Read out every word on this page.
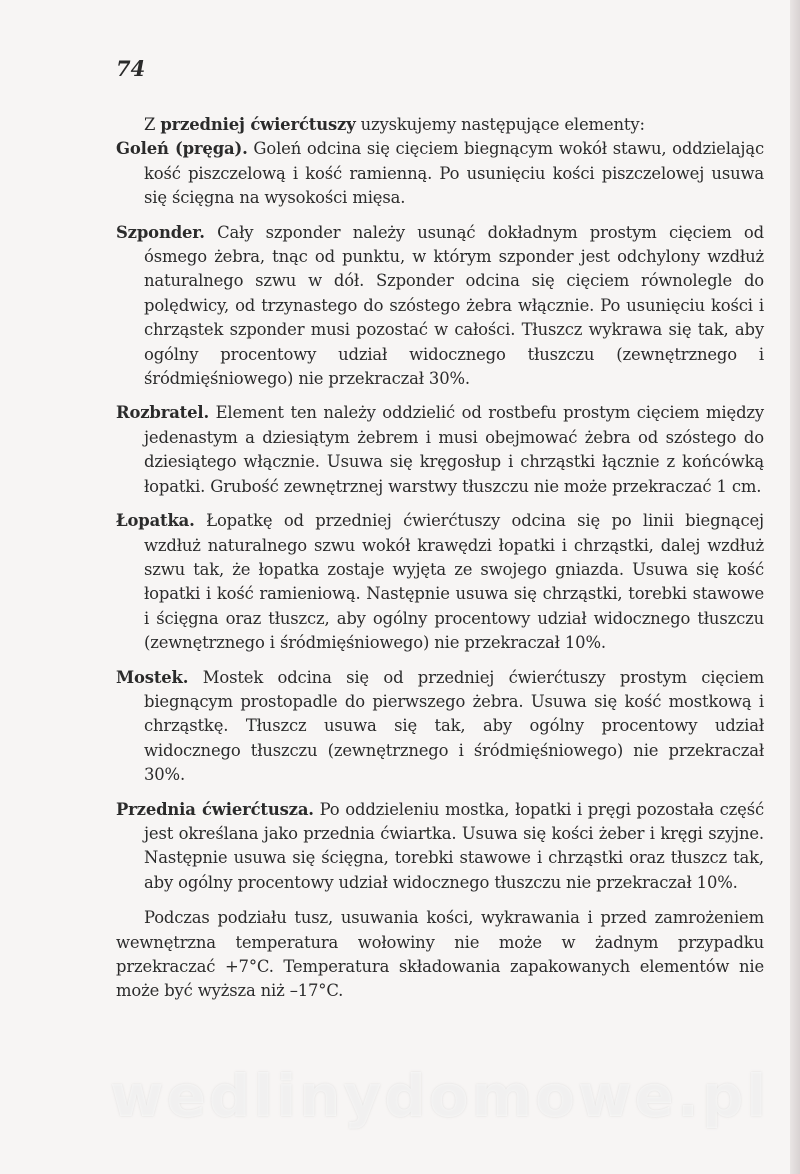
74

Z przedniej ćwierćtuszy uzyskujemy następujące elementy:

Goleń (pręga). Goleń odcina się cięciem biegnącym wokół stawu, oddzielając kość piszczelową i kość ramienną. Po usunięciu kości piszczelowej usuwa się ścięgna na wysokości mięsa.

Szponder. Cały szponder należy usunąć dokładnym prostym cięciem od ósmego żebra, tnąc od punktu, w którym szponder jest odchylony wzdłuż naturalnego szwu w dół. Szponder odcina się cięciem równolegle do polędwicy, od trzynastego do szóstego żebra włącznie. Po usunięciu kości i chrząstek szponder musi pozostać w całości. Tłuszcz wykrawa się tak, aby ogólny procentowy udział widocznego tłuszczu (zewnętrznego i śródmięśniowego) nie przekraczał 30%.

Rozbratel. Element ten należy oddzielić od rostbefu prostym cięciem między jedenastym a dziesiątym żebrem i musi obejmować żebra od szóstego do dziesiątego włącznie. Usuwa się kręgosłup i chrząstki łącznie z końcówką łopatki. Grubość zewnętrznej warstwy tłuszczu nie może przekraczać 1 cm.

Łopatka. Łopatkę od przedniej ćwierćtuszy odcina się po linii biegnącej wzdłuż naturalnego szwu wokół krawędzi łopatki i chrząstki, dalej wzdłuż szwu tak, że łopatka zostaje wyjęta ze swojego gniazda. Usuwa się kość łopatki i kość ramieniową. Następnie usuwa się chrząstki, torebki stawowe i ścięgna oraz tłuszcz, aby ogólny procentowy udział widocznego tłuszczu (zewnętrznego i śródmięśniowego) nie przekraczał 10%.

Mostek. Mostek odcina się od przedniej ćwierćtuszy prostym cięciem biegnącym prostopadle do pierwszego żebra. Usuwa się kość mostkową i chrząstkę. Tłuszcz usuwa się tak, aby ogólny procentowy udział widocznego tłuszczu (zewnętrznego i śródmięśniowego) nie przekraczał 30%.

Przednia ćwierćtusza. Po oddzieleniu mostka, łopatki i pręgi pozostała część jest określana jako przednia ćwiartka. Usuwa się kości żeber i kręgi szyjne. Następnie usuwa się ścięgna, torebki stawowe i chrząstki oraz tłuszcz tak, aby ogólny procentowy udział widocznego tłuszczu nie przekraczał 10%.

Podczas podziału tusz, usuwania kości, wykrawania i przed zamrożeniem wewnętrzna temperatura wołowiny nie może w żadnym przypadku przekraczać +7°C. Temperatura składowania zapakowanych elementów nie może być wyższa niż –17°C.

wedlinydomowe.pl
